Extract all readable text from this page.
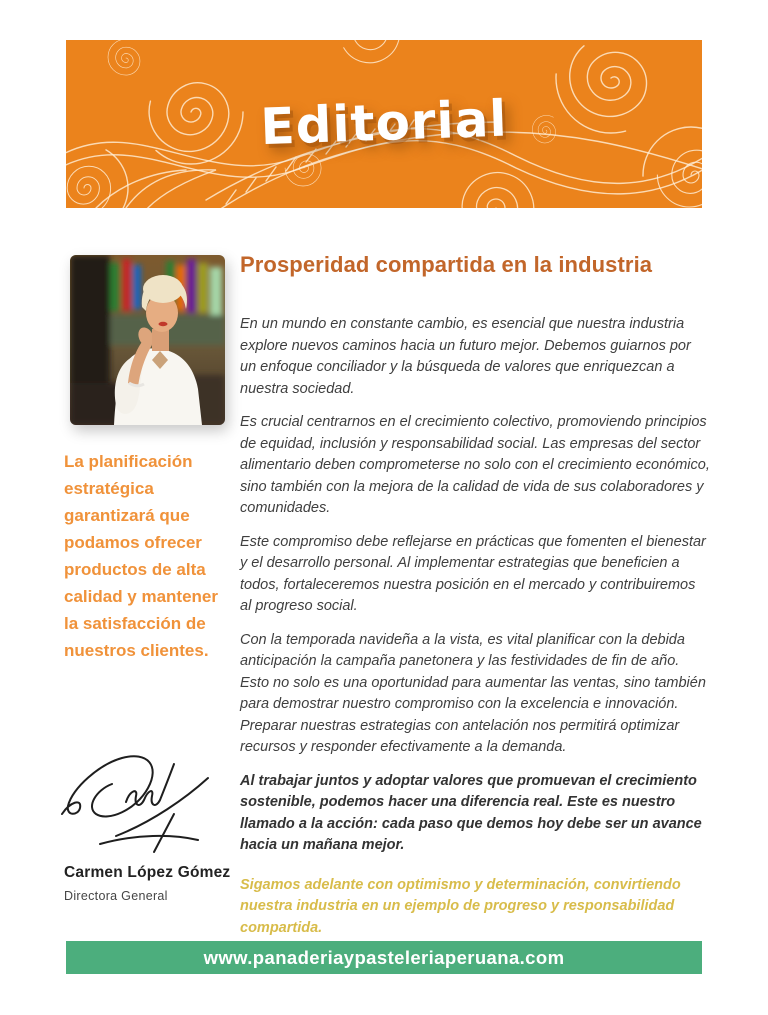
Editorial
La planificación estratégica garantizará que podamos ofrecer productos de alta calidad y mantener la satisfacción de nuestros clientes.
Carmen López Gómez
Directora General
Prosperidad compartida en la industria

En un mundo en constante cambio, es esencial que nuestra industria explore nuevos caminos hacia un futuro mejor. Debemos guiarnos por un enfoque conciliador y la búsqueda de valores que enriquezcan a nuestra sociedad.

Es crucial centrarnos en el crecimiento colectivo, promoviendo principios de equidad, inclusión y responsabilidad social. Las empresas del sector alimentario deben comprometerse no solo con el crecimiento económico, sino también con la mejora de la calidad de vida de sus colaboradores y comunidades.

Este compromiso debe reflejarse en prácticas que fomenten el bienestar y el desarrollo personal. Al implementar estrategias que beneficien a todos, fortaleceremos nuestra posición en el mercado y contribuiremos al progreso social.

Con la temporada navideña a la vista, es vital planificar con la debida anticipación la campaña panetonera y las festividades de fin de año. Esto no solo es una oportunidad para aumentar las ventas, sino también para demostrar nuestro compromiso con la excelencia e innovación. Preparar nuestras estrategias con antelación nos permitirá optimizar recursos y responder efectivamente a la demanda.

Al trabajar juntos y adoptar valores que promuevan el crecimiento sostenible, podemos hacer una diferencia real. Este es nuestro llamado a la acción: cada paso que demos hoy debe ser un avance hacia un mañana mejor.

Sigamos adelante con optimismo y determinación, convirtiendo nuestra industria en un ejemplo de progreso y responsabilidad compartida.

www.panaderiaypasteleriaperuana.com
